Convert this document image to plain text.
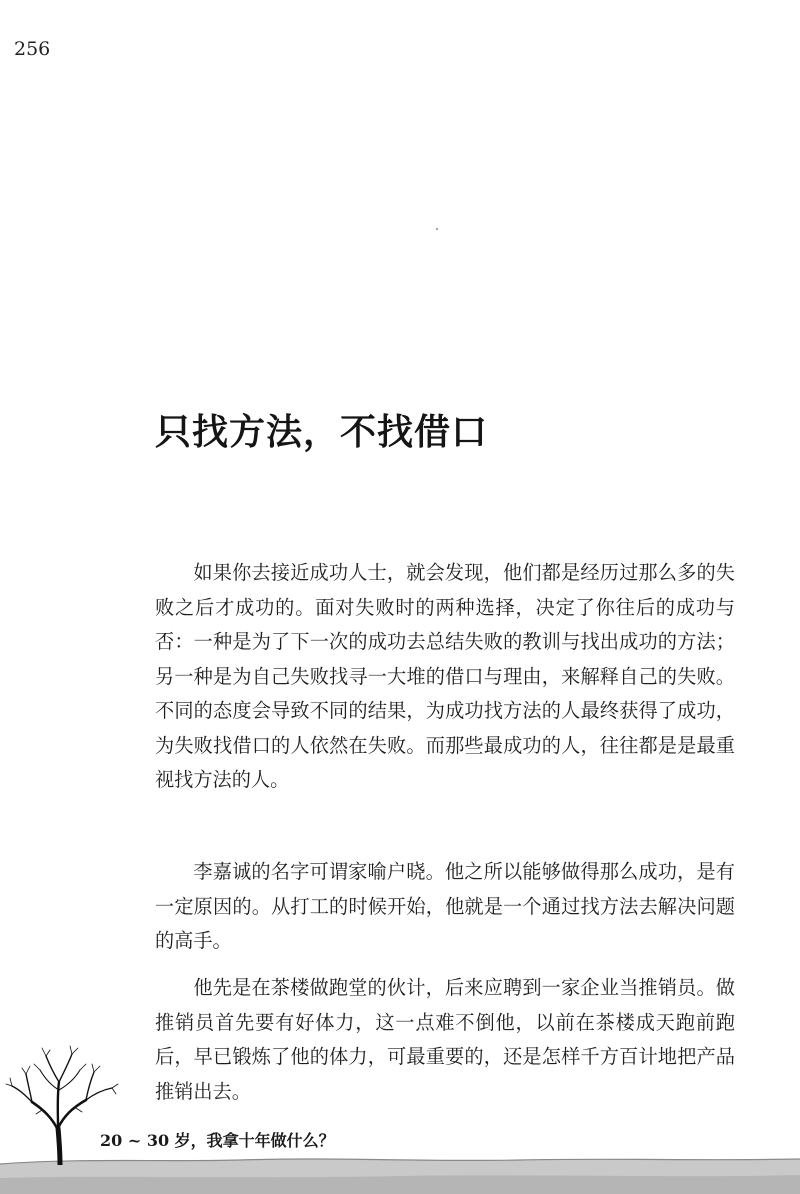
256
只找方法，不找借口

如果你去接近成功人士，就会发现，他们都是经历过那么多的失败之后才成功的。面对失败时的两种选择，决定了你往后的成功与否：一种是为了下一次的成功去总结失败的教训与找出成功的方法；另一种是为自己失败找寻一大堆的借口与理由，来解释自己的失败。不同的态度会导致不同的结果，为成功找方法的人最终获得了成功，为失败找借口的人依然在失败。而那些最成功的人，往往都是是最重视找方法的人。

李嘉诚的名字可谓家喻户晓。他之所以能够做得那么成功，是有一定原因的。从打工的时候开始，他就是一个通过找方法去解决问题的高手。

他先是在茶楼做跑堂的伙计，后来应聘到一家企业当推销员。做推销员首先要有好体力，这一点难不倒他，以前在茶楼成天跑前跑后，早已锻炼了他的体力，可最重要的，还是怎样千方百计地把产品推销出去。

20 ~ 30 岁，我拿十年做什么？
